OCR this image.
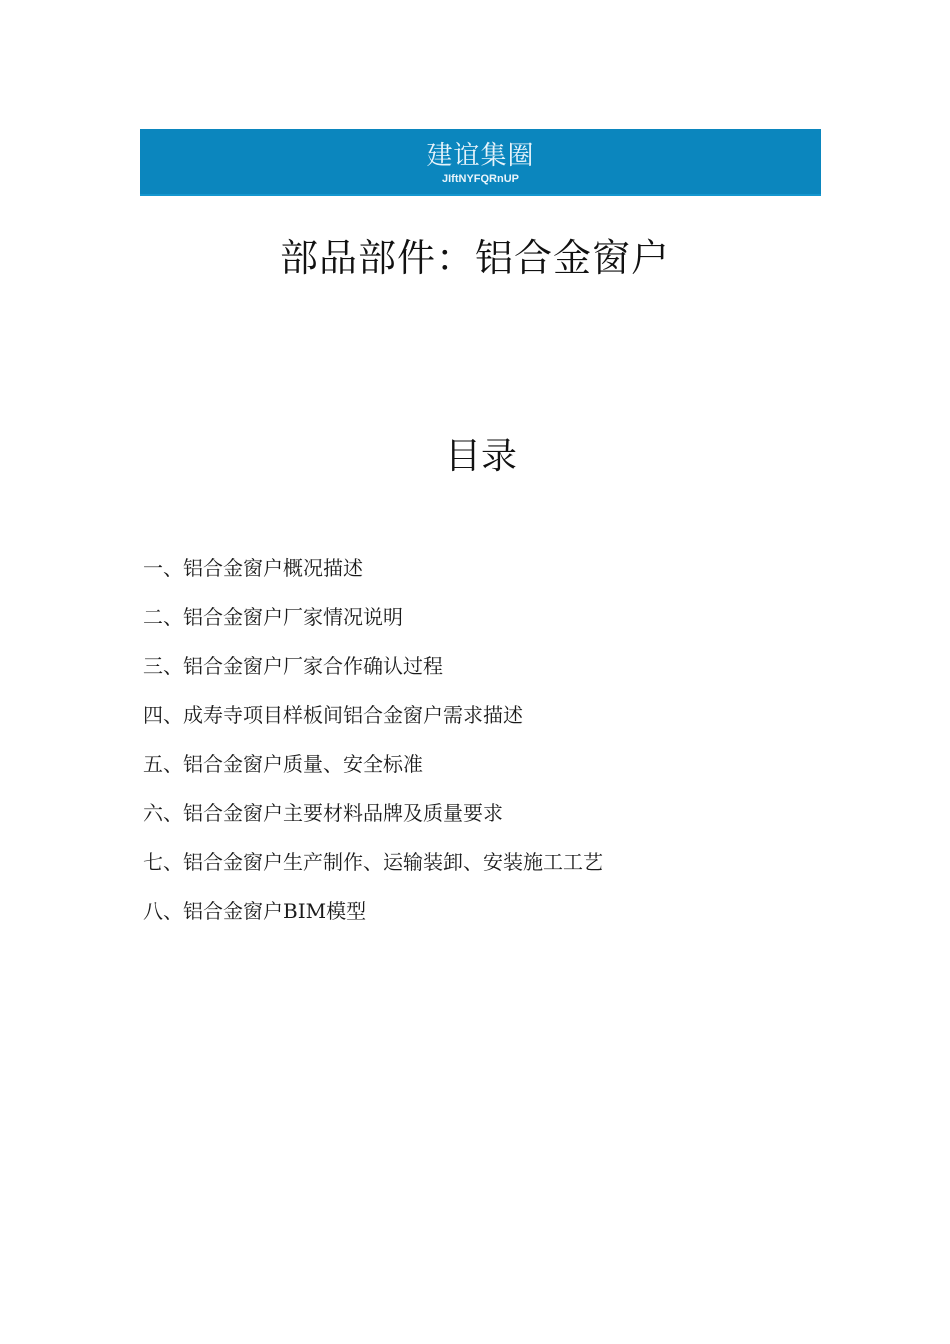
建谊集圈
JIftNYFQRnUP
部品部件：铝合金窗户
目录
一、铝合金窗户概况描述
二、铝合金窗户厂家情况说明
三、铝合金窗户厂家合作确认过程
四、成寿寺项目样板间铝合金窗户需求描述
五、铝合金窗户质量、安全标准
六、铝合金窗户主要材料品牌及质量要求
七、铝合金窗户生产制作、运输装卸、安装施工工艺
八、铝合金窗户BIM模型
